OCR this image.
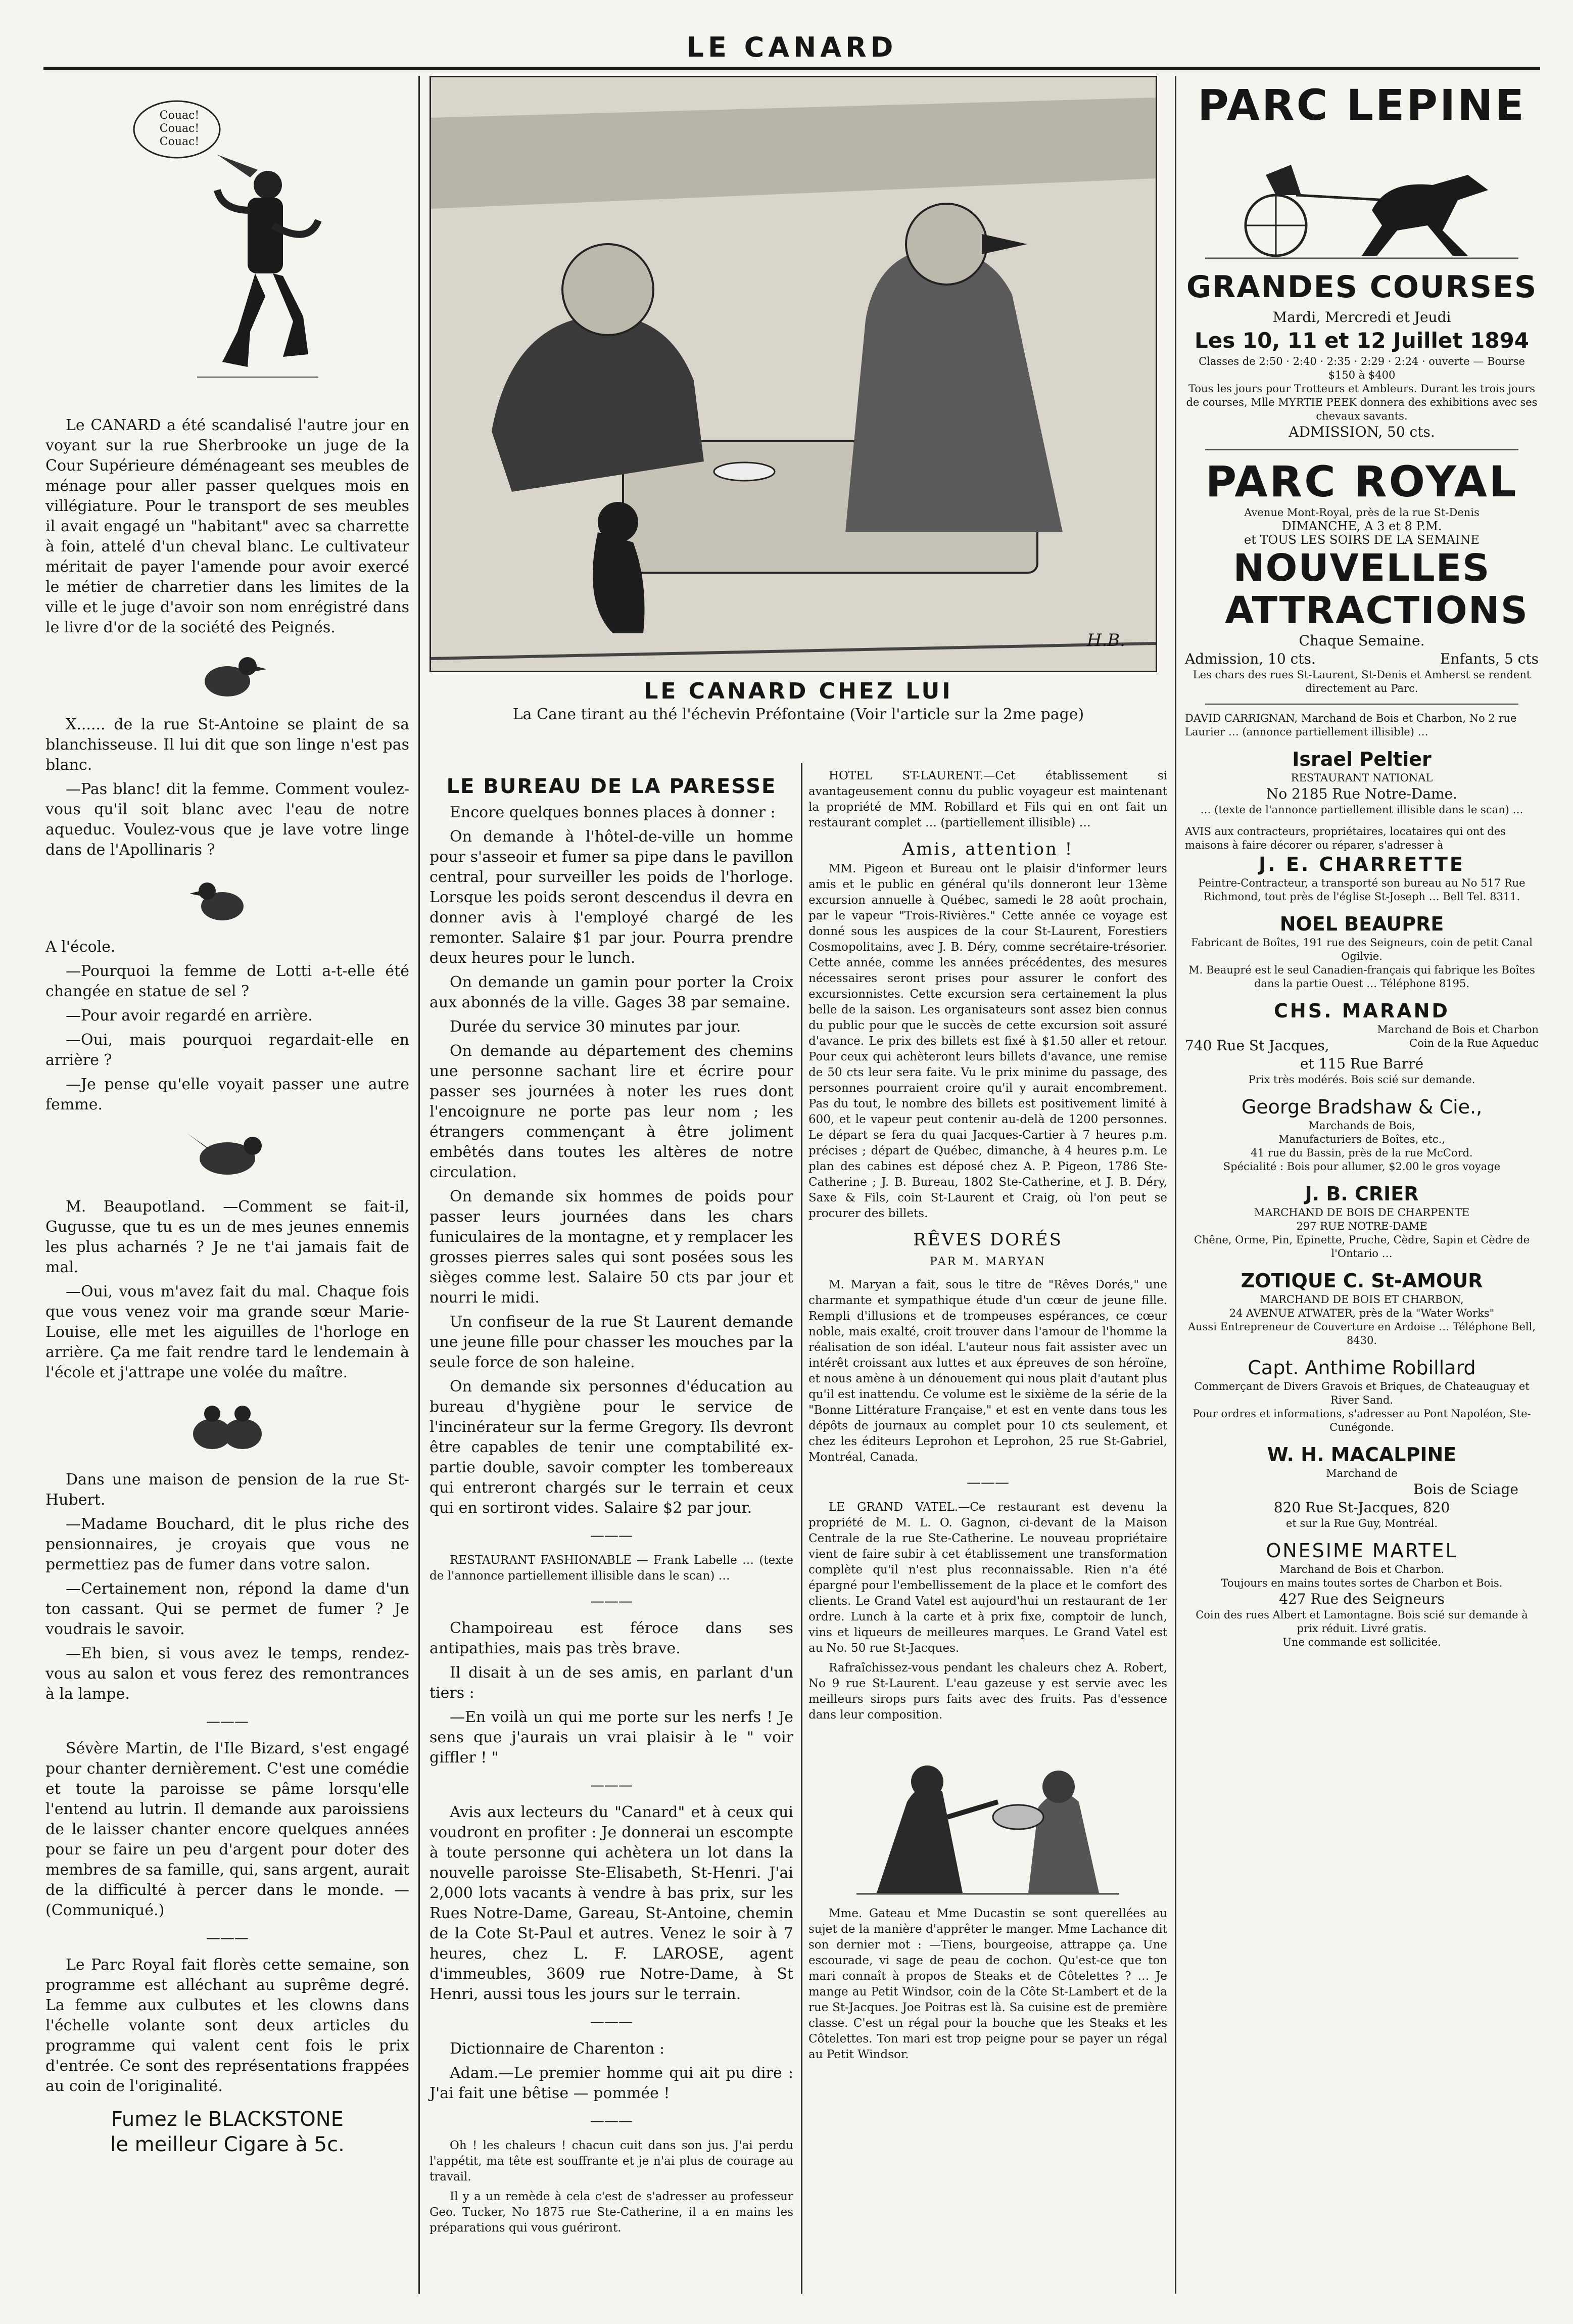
LE CANARD
Couac! Couac! Couac!

Le CANARD a été scandalisé l'autre jour en voyant sur la rue Sherbrooke un juge de la Cour Supérieure déménageant ses meubles de ménage pour aller passer quelques mois en villégiature. Pour le transport de ses meubles il avait engagé un "habitant" avec sa charrette à foin, attelé d'un cheval blanc. Le cultivateur méritait de payer l'amende pour avoir exercé le métier de charretier dans les limites de la ville et le juge d'avoir son nom enrégistré dans le livre d'or de la société des Peignés.

X...... de la rue St-Antoine se plaint de sa blanchisseuse. Il lui dit que son linge n'est pas blanc.

—Pas blanc! dit la femme. Comment voulez-vous qu'il soit blanc avec l'eau de notre aqueduc. Voulez-vous que je lave votre linge dans de l'Apollinaris ?

A l'école.

—Pourquoi la femme de Lotti a-t-elle été changée en statue de sel ?

—Pour avoir regardé en arrière.

—Oui, mais pourquoi regardait-elle en arrière ?

—Je pense qu'elle voyait passer une autre femme.

M. Beaupotland. —Comment se fait-il, Gugusse, que tu es un de mes jeunes ennemis les plus acharnés ? Je ne t'ai jamais fait de mal.

—Oui, vous m'avez fait du mal. Chaque fois que vous venez voir ma grande sœur Marie-Louise, elle met les aiguilles de l'horloge en arrière. Ça me fait rendre tard le lendemain à l'école et j'attrape une volée du maître.

Dans une maison de pension de la rue St-Hubert.

—Madame Bouchard, dit le plus riche des pensionnaires, je croyais que vous ne permettiez pas de fumer dans votre salon.

—Certainement non, répond la dame d'un ton cassant. Qui se permet de fumer ? Je voudrais le savoir.

—Eh bien, si vous avez le temps, rendez-vous au salon et vous ferez des remontrances à la lampe.

———

Sévère Martin, de l'Ile Bizard, s'est engagé pour chanter dernièrement. C'est une comédie et toute la paroisse se pâme lorsqu'elle l'entend au lutrin. Il demande aux paroissiens de le laisser chanter encore quelques années pour se faire un peu d'argent pour doter des membres de sa famille, qui, sans argent, aurait de la difficulté à percer dans le monde. —(Communiqué.)

———

Le Parc Royal fait florès cette semaine, son programme est alléchant au suprême degré. La femme aux culbutes et les clowns dans l'échelle volante sont deux articles du programme qui valent cent fois le prix d'entrée. Ce sont des représentations frappées au coin de l'originalité.

Fumez le BLACKSTONE
le meilleur Cigare à 5c.
H.B.
LE CANARD CHEZ LUI
La Cane tirant au thé l'échevin Préfontaine (Voir l'article sur la 2me page)
LE BUREAU DE LA PARESSE

Encore quelques bonnes places à donner :

On demande à l'hôtel-de-ville un homme pour s'asseoir et fumer sa pipe dans le pavillon central, pour surveiller les poids de l'horloge. Lorsque les poids seront descendus il devra en donner avis à l'employé chargé de les remonter. Salaire $1 par jour. Pourra prendre deux heures pour le lunch.

On demande un gamin pour porter la Croix aux abonnés de la ville. Gages 38 par semaine.

Durée du service 30 minutes par jour.

On demande au département des chemins une personne sachant lire et écrire pour passer ses journées à noter les rues dont l'encoignure ne porte pas leur nom ; les étrangers commençant à être joliment embêtés dans toutes les altères de notre circulation.

On demande six hommes de poids pour passer leurs journées dans les chars funiculaires de la montagne, et y remplacer les grosses pierres sales qui sont posées sous les sièges comme lest. Salaire 50 cts par jour et nourri le midi.

Un confiseur de la rue St Laurent demande une jeune fille pour chasser les mouches par la seule force de son haleine.

On demande six personnes d'éducation au bureau d'hygiène pour le service de l'incinérateur sur la ferme Gregory. Ils devront être capables de tenir une comptabilité ex-partie double, savoir compter les tombereaux qui entreront chargés sur le terrain et ceux qui en sortiront vides. Salaire $2 par jour.

———

RESTAURANT FASHIONABLE — Frank Labelle … (texte de l'annonce partiellement illisible dans le scan) …

———

Champoireau est féroce dans ses antipathies, mais pas très brave.

Il disait à un de ses amis, en parlant d'un tiers :

—En voilà un qui me porte sur les nerfs ! Je sens que j'aurais un vrai plaisir à le " voir giffler ! "

———

Avis aux lecteurs du "Canard" et à ceux qui voudront en profiter : Je donnerai un escompte à toute personne qui achètera un lot dans la nouvelle paroisse Ste-Elisabeth, St-Henri. J'ai 2,000 lots vacants à vendre à bas prix, sur les Rues Notre-Dame, Gareau, St-Antoine, chemin de la Cote St-Paul et autres. Venez le soir à 7 heures, chez L. F. LAROSE, agent d'immeubles, 3609 rue Notre-Dame, à St Henri, aussi tous les jours sur le terrain.

———

Dictionnaire de Charenton :

Adam.—Le premier homme qui ait pu dire : J'ai fait une bêtise — pommée !

———

Oh ! les chaleurs ! chacun cuit dans son jus. J'ai perdu l'appétit, ma tête est souffrante et je n'ai plus de courage au travail.

Il y a un remède à cela c'est de s'adresser au professeur Geo. Tucker, No 1875 rue Ste-Catherine, il a en mains les préparations qui vous guériront.

HOTEL ST-LAURENT.—Cet établissement si avantageusement connu du public voyageur est maintenant la propriété de MM. Robillard et Fils qui en ont fait un restaurant complet … (partiellement illisible) …

Amis, attention !

MM. Pigeon et Bureau ont le plaisir d'informer leurs amis et le public en général qu'ils donneront leur 13ème excursion annuelle à Québec, samedi le 28 août prochain, par le vapeur "Trois-Rivières." Cette année ce voyage est donné sous les auspices de la cour St-Laurent, Forestiers Cosmopolitains, avec J. B. Déry, comme secrétaire-trésorier. Cette année, comme les années précédentes, des mesures nécessaires seront prises pour assurer le confort des excursionnistes. Cette excursion sera certainement la plus belle de la saison. Les organisateurs sont assez bien connus du public pour que le succès de cette excursion soit assuré d'avance. Le prix des billets est fixé à $1.50 aller et retour. Pour ceux qui achèteront leurs billets d'avance, une remise de 50 cts leur sera faite. Vu le prix minime du passage, des personnes pourraient croire qu'il y aurait encombrement. Pas du tout, le nombre des billets est positivement limité à 600, et le vapeur peut contenir au-delà de 1200 personnes. Le départ se fera du quai Jacques-Cartier à 7 heures p.m. précises ; départ de Québec, dimanche, à 4 heures p.m. Le plan des cabines est déposé chez A. P. Pigeon, 1786 Ste-Catherine ; J. B. Bureau, 1802 Ste-Catherine, et J. B. Déry, Saxe & Fils, coin St-Laurent et Craig, où l'on peut se procurer des billets.

RÊVES DORÉS
PAR M. MARYAN

M. Maryan a fait, sous le titre de "Rêves Dorés," une charmante et sympathique étude d'un cœur de jeune fille. Rempli d'illusions et de trompeuses espérances, ce cœur noble, mais exalté, croit trouver dans l'amour de l'homme la réalisation de son idéal. L'auteur nous fait assister avec un intérêt croissant aux luttes et aux épreuves de son héroïne, et nous amène à un dénouement qui nous plait d'autant plus qu'il est inattendu. Ce volume est le sixième de la série de la "Bonne Littérature Française," et est en vente dans tous les dépôts de journaux au complet pour 10 cts seulement, et chez les éditeurs Leprohon et Leprohon, 25 rue St-Gabriel, Montréal, Canada.

———

LE GRAND VATEL.—Ce restaurant est devenu la propriété de M. L. O. Gagnon, ci-devant de la Maison Centrale de la rue Ste-Catherine. Le nouveau propriétaire vient de faire subir à cet établissement une transformation complète qu'il n'est plus reconnaissable. Rien n'a été épargné pour l'embellissement de la place et le comfort des clients. Le Grand Vatel est aujourd'hui un restaurant de 1er ordre. Lunch à la carte et à prix fixe, comptoir de lunch, vins et liqueurs de meilleures marques. Le Grand Vatel est au No. 50 rue St-Jacques.

Rafraîchissez-vous pendant les chaleurs chez A. Robert, No 9 rue St-Laurent. L'eau gazeuse y est servie avec les meilleurs sirops purs faits avec des fruits. Pas d'essence dans leur composition.

Mme. Gateau et Mme Ducastin se sont querellées au sujet de la manière d'apprêter le manger. Mme Lachance dit son dernier mot : —Tiens, bourgeoise, attrappe ça. Une escourade, vi sage de peau de cochon. Qu'est-ce que ton mari connaît à propos de Steaks et de Côtelettes ? … Je mange au Petit Windsor, coin de la Côte St-Lambert et de la rue St-Jacques. Joe Poitras est là. Sa cuisine est de première classe. C'est un régal pour la bouche que les Steaks et les Côtelettes. Ton mari est trop peigne pour se payer un régal au Petit Windsor.

PARC LEPINE
GRANDES COURSES
Mardi, Mercredi et Jeudi
Les 10, 11 et 12 Juillet 1894
Classes de 2:50 · 2:40 · 2:35 · 2:29 · 2:24 · ouverte — Bourse $150 à $400
Tous les jours pour Trotteurs et Ambleurs. Durant les trois jours de courses, Mlle MYRTIE PEEK donnera des exhibitions avec ses chevaux savants.
ADMISSION, 50 cts.
PARC ROYAL
Avenue Mont-Royal, près de la rue St-Denis
DIMANCHE, A 3 et 8 P.M.
et TOUS LES SOIRS DE LA SEMAINE
NOUVELLES
ATTRACTIONS
Chaque Semaine.
Admission, 10 cts.	Enfants, 5 cts
Les chars des rues St-Laurent, St-Denis et Amherst se rendent directement au Parc.
DAVID CARRIGNAN, Marchand de Bois et Charbon, No 2 rue Laurier … (annonce partiellement illisible) …
Israel Peltier
RESTAURANT NATIONAL
No 2185 Rue Notre-Dame.
… (texte de l'annonce partiellement illisible dans le scan) …
AVIS aux contracteurs, propriétaires, locataires qui ont des maisons à faire décorer ou réparer, s'adresser à
J. E. CHARRETTE
Peintre-Contracteur, a transporté son bureau au No 517 Rue Richmond, tout près de l'église St-Joseph … Bell Tel. 8311.
NOEL BEAUPRE
Fabricant de Boîtes, 191 rue des Seigneurs, coin de petit Canal Ogilvie.
M. Beaupré est le seul Canadien-français qui fabrique les Boîtes dans la partie Ouest … Téléphone 8195.
CHS. MARAND
Marchand de Bois et Charbon
740 Rue St Jacques,	Coin de la Rue Aqueduc
et 115 Rue Barré
Prix très modérés. Bois scié sur demande.
George Bradshaw & Cie.,
Marchands de Bois,
Manufacturiers de Boîtes, etc.,
41 rue du Bassin, près de la rue McCord.
Spécialité : Bois pour allumer, $2.00 le gros voyage
J. B. CRIER
MARCHAND DE BOIS DE CHARPENTE
297 RUE NOTRE-DAME
Chêne, Orme, Pin, Epinette, Pruche, Cèdre, Sapin et Cèdre de l'Ontario …
ZOTIQUE C. St-AMOUR
MARCHAND DE BOIS ET CHARBON,
24 AVENUE ATWATER, près de la "Water Works"
Aussi Entrepreneur de Couverture en Ardoise … Téléphone Bell, 8430.
Capt. Anthime Robillard
Commerçant de Divers Gravois et Briques, de Chateauguay et River Sand.
Pour ordres et informations, s'adresser au Pont Napoléon, Ste-Cunégonde.
W. H. MACALPINE
Marchand de
Bois de Sciage
820 Rue St-Jacques, 820
et sur la Rue Guy, Montréal.
ONESIME MARTEL
Marchand de Bois et Charbon.
Toujours en mains toutes sortes de Charbon et Bois.
427 Rue des Seigneurs
Coin des rues Albert et Lamontagne. Bois scié sur demande à prix réduit. Livré gratis.
Une commande est sollicitée.
